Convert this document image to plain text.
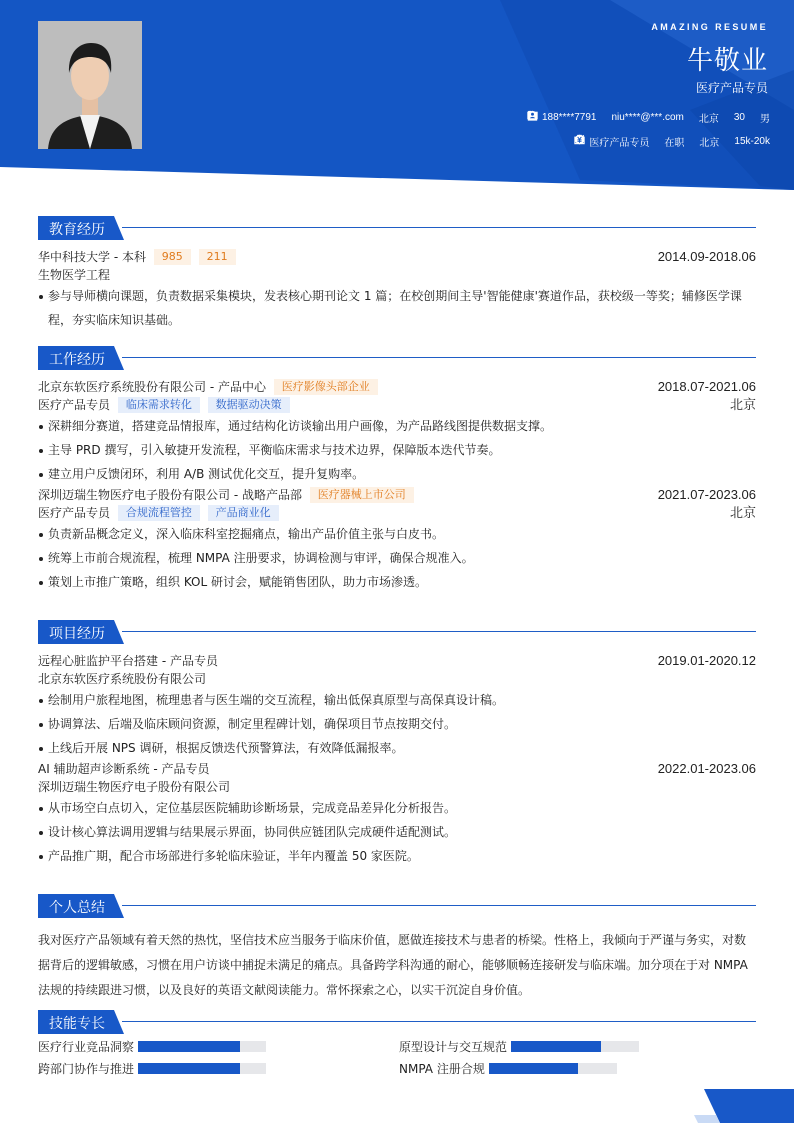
AMAZING RESUME
牛敬业
医疗产品专员
188****7791 niu****@***.com 北京 30 男
医疗产品专员 在职 北京 15k-20k
教育经历
华中科技大学 - 本科 985 211	2014.09-2018.06
生物医学工程
参与导师横向课题，负责数据采集模块，发表核心期刊论文 1 篇；在校创期间主导'智能健康'赛道作品，获校级一等奖；辅修医学课程，夯实临床知识基础。
工作经历
北京东软医疗系统股份有限公司 - 产品中心 医疗影像头部企业	2018.07-2021.06
医疗产品专员 临床需求转化 数据驱动决策	北京
深耕细分赛道，搭建竞品情报库，通过结构化访谈输出用户画像，为产品路线图提供数据支撑。
主导 PRD 撰写，引入敏捷开发流程，平衡临床需求与技术边界，保障版本迭代节奏。
建立用户反馈闭环，利用 A/B 测试优化交互，提升复购率。
深圳迈瑞生物医疗电子股份有限公司 - 战略产品部 医疗器械上市公司	2021.07-2023.06
医疗产品专员 合规流程管控 产品商业化	北京
负责新品概念定义，深入临床科室挖掘痛点，输出产品价值主张与白皮书。
统筹上市前合规流程，梳理 NMPA 注册要求，协调检测与审评，确保合规准入。
策划上市推广策略，组织 KOL 研讨会，赋能销售团队，助力市场渗透。
项目经历
远程心脏监护平台搭建 - 产品专员	2019.01-2020.12
北京东软医疗系统股份有限公司
绘制用户旅程地图，梳理患者与医生端的交互流程，输出低保真原型与高保真设计稿。
协调算法、后端及临床顾问资源，制定里程碑计划，确保项目节点按期交付。
上线后开展 NPS 调研，根据反馈迭代预警算法，有效降低漏报率。
AI 辅助超声诊断系统 - 产品专员	2022.01-2023.06
深圳迈瑞生物医疗电子股份有限公司
从市场空白点切入，定位基层医院辅助诊断场景，完成竞品差异化分析报告。
设计核心算法调用逻辑与结果展示界面，协同供应链团队完成硬件适配测试。
产品推广期，配合市场部进行多轮临床验证，半年内覆盖 50 家医院。
个人总结
我对医疗产品领域有着天然的热忱，坚信技术应当服务于临床价值，愿做连接技术与患者的桥梁。性格上，我倾向于严谨与务实，对数据背后的逻辑敏感，习惯在用户访谈中捕捉未满足的痛点。具备跨学科沟通的耐心，能够顺畅连接研发与临床端。加分项在于对 NMPA 法规的持续跟进习惯，以及良好的英语文献阅读能力。常怀探索之心，以实干沉淀自身价值。
技能专长
医疗行业竞品洞察	原型设计与交互规范
跨部门协作与推进	NMPA 注册合规
